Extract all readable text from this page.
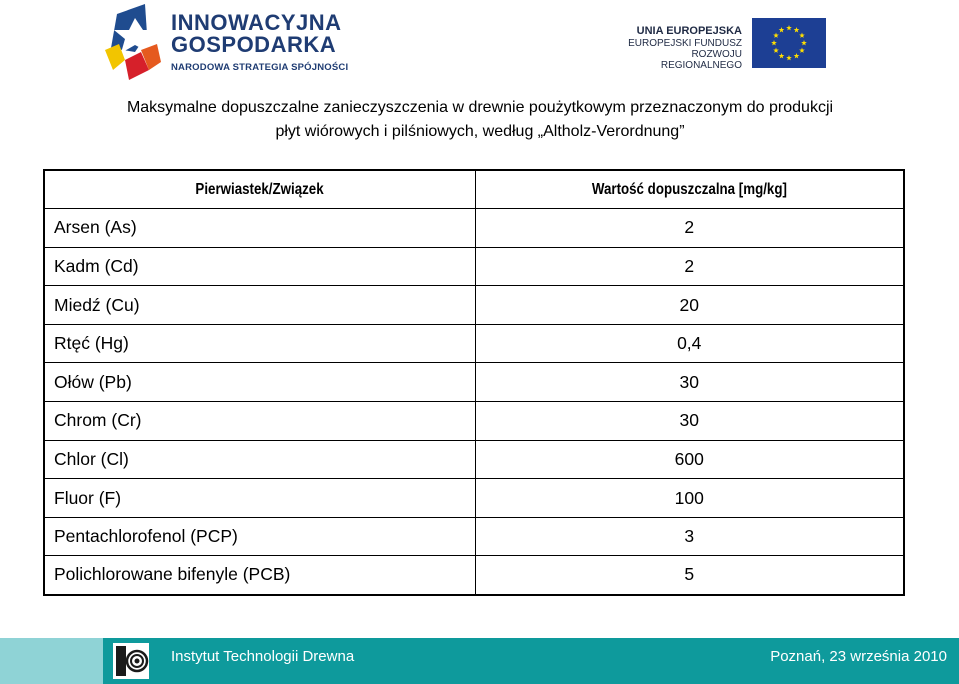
INNOWACYJNA
GOSPODARKA
NARODOWA STRATEGIA SPÓJNOŚCI
UNIA EUROPEJSKA
EUROPEJSKI FUNDUSZ
ROZWOJU REGIONALNEGO
Maksymalne dopuszczalne zanieczyszczenia w drewnie poużytkowym przeznaczonym do produkcji
płyt wiórowych i pilśniowych, według „Altholz-Verordnung”
Pierwiastek/Związek	Wartość dopuszczalna [mg/kg]
Arsen (As)	2
Kadm (Cd)	2
Miedź (Cu)	20
Rtęć (Hg)	0,4
Ołów (Pb)	30
Chrom (Cr)	30
Chlor (Cl)	600
Fluor (F)	100
Pentachlorofenol (PCP)	3
Polichlorowane bifenyle (PCB)	5
Instytut Technologii Drewna	Poznań, 23 września 2010
